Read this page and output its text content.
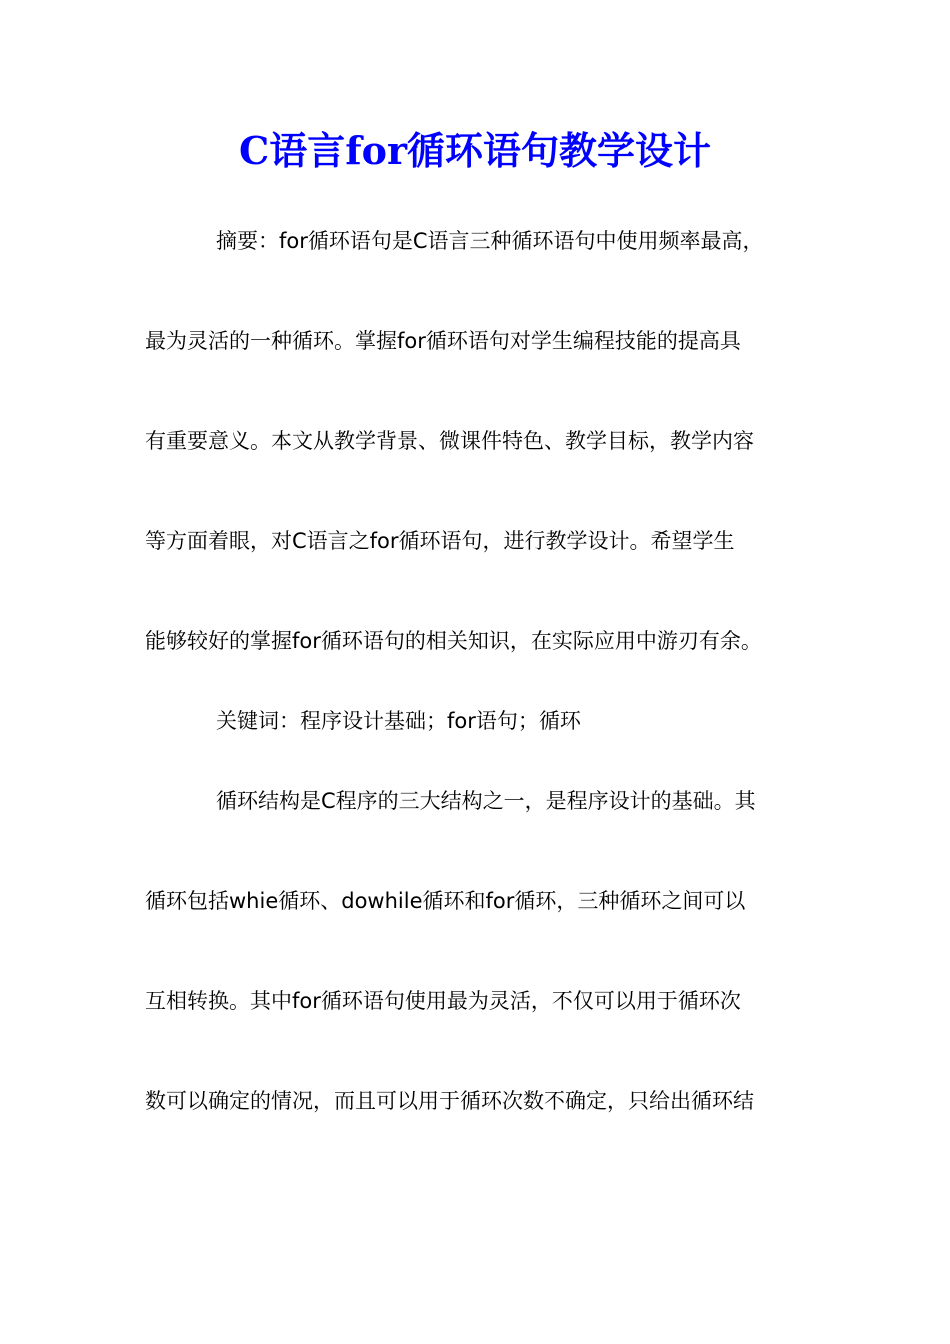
C语言for循环语句教学设计

摘要：for循环语句是C语言三种循环语句中使用频率最高，

最为灵活的一种循环。掌握for循环语句对学生编程技能的提高具

有重要意义。本文从教学背景、微课件特色、教学目标，教学内容

等方面着眼，对C语言之for循环语句，进行教学设计。希望学生

能够较好的掌握for循环语句的相关知识，在实际应用中游刃有余。

关键词：程序设计基础；for语句；循环

循环结构是C程序的三大结构之一，是程序设计的基础。其

循环包括whie循环、dowhile循环和for循环，三种循环之间可以

互相转换。其中for循环语句使用最为灵活，不仅可以用于循环次

数可以确定的情况，而且可以用于循环次数不确定，只给出循环结
